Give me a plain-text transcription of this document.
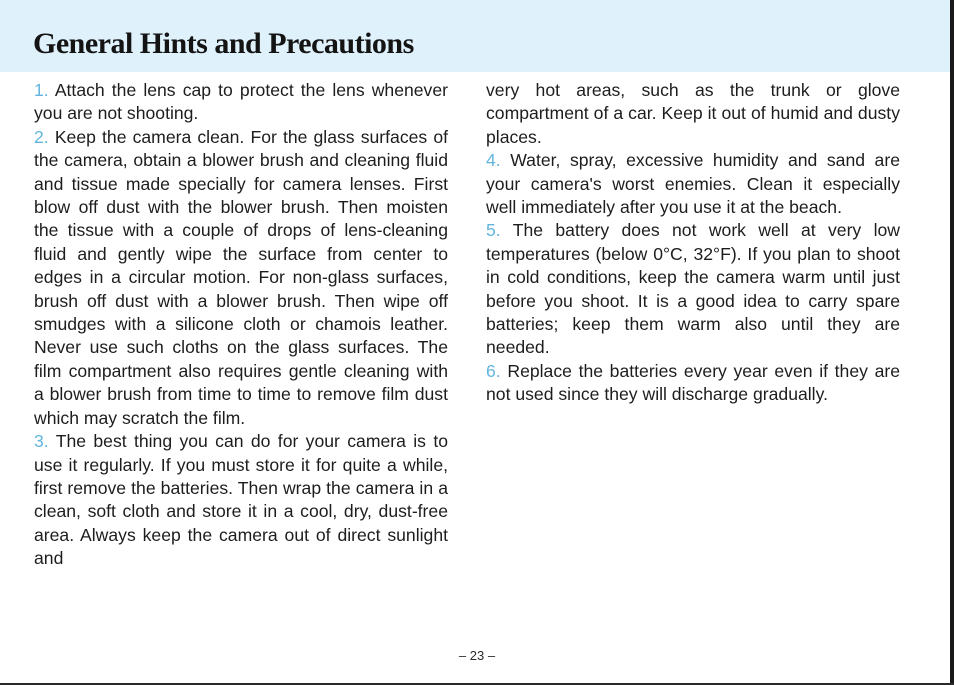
General Hints and Precautions

1. Attach the lens cap to protect the lens whenever you are not shooting.

2. Keep the camera clean. For the glass surfaces of the camera, obtain a blower brush and cleaning fluid and tissue made specially for camera lenses. First blow off dust with the blower brush. Then moisten the tissue with a couple of drops of lens-cleaning fluid and gently wipe the surface from center to edges in a circular motion. For non-glass surfaces, brush off dust with a blower brush. Then wipe off smudges with a silicone cloth or chamois leather. Never use such cloths on the glass surfaces. The film compartment also requires gentle cleaning with a blower brush from time to time to remove film dust which may scratch the film.

3. The best thing you can do for your camera is to use it regularly. If you must store it for quite a while, first remove the batteries. Then wrap the camera in a clean, soft cloth and store it in a cool, dry, dust-free area. Always keep the camera out of direct sunlight and

very hot areas, such as the trunk or glove compartment of a car. Keep it out of humid and dusty places.

4. Water, spray, excessive humidity and sand are your camera's worst enemies. Clean it especially well immediately after you use it at the beach.

5. The battery does not work well at very low temperatures (below 0°C, 32°F). If you plan to shoot in cold conditions, keep the camera warm until just before you shoot. It is a good idea to carry spare batteries; keep them warm also until they are needed.

6. Replace the batteries every year even if they are not used since they will discharge gradually.

– 23 –
